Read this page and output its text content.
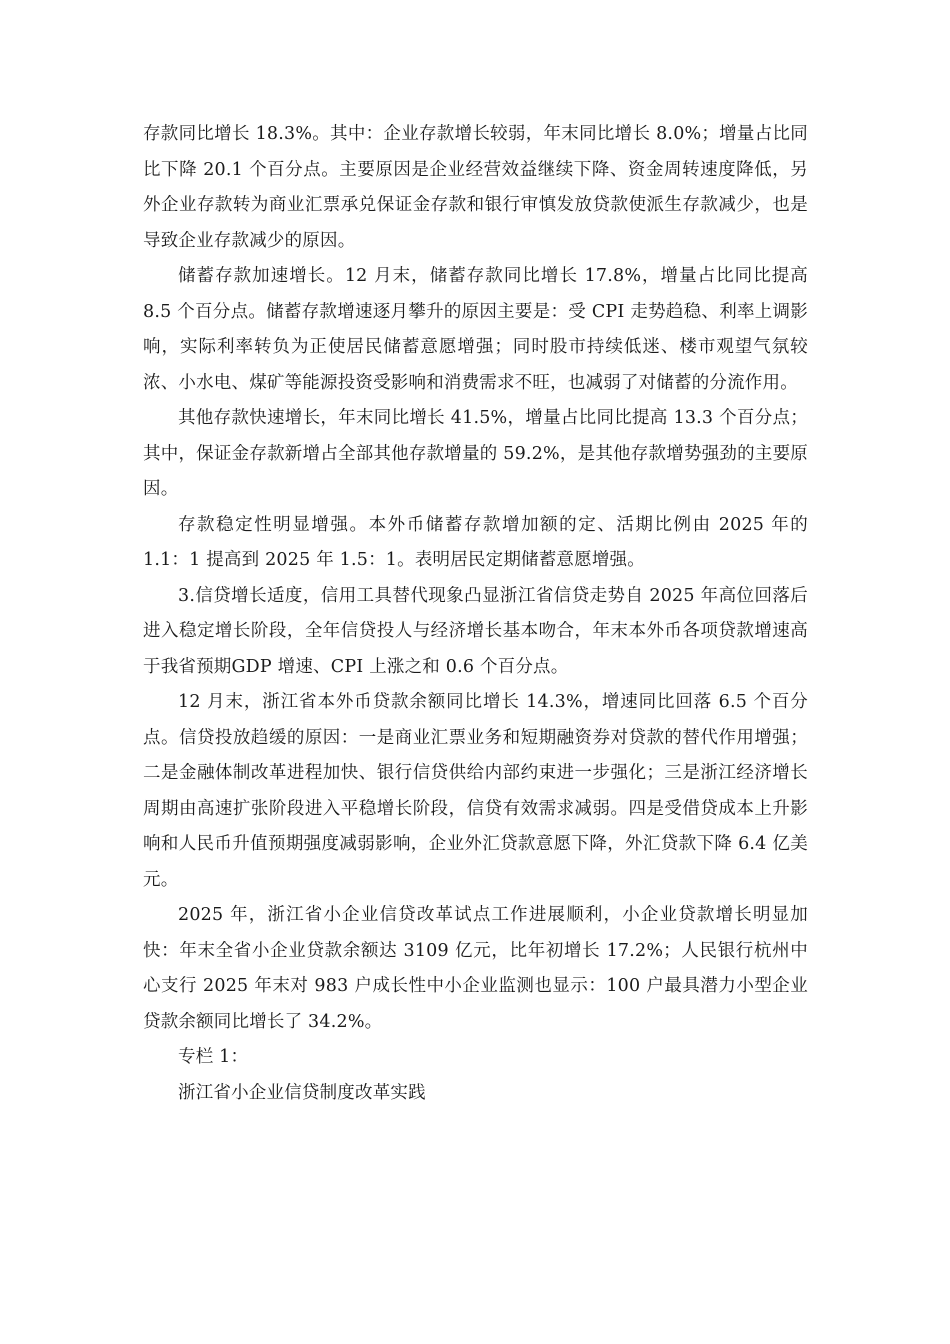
存款同比增长 18.3%。其中：企业存款增长较弱，年末同比增长 8.0%；增量占比同比下降 20.1 个百分点。主要原因是企业经营效益继续下降、资金周转速度降低，另外企业存款转为商业汇票承兑保证金存款和银行审慎发放贷款使派生存款减少，也是导致企业存款减少的原因。

储蓄存款加速增长。12 月末，储蓄存款同比增长 17.8%，增量占比同比提高 8.5 个百分点。储蓄存款增速逐月攀升的原因主要是：受 CPI 走势趋稳、利率上调影响，实际利率转负为正使居民储蓄意愿增强；同时股市持续低迷、楼市观望气氛较浓、小水电、煤矿等能源投资受影响和消费需求不旺，也减弱了对储蓄的分流作用。

其他存款快速增长，年末同比增长 41.5%，增量占比同比提高 13.3 个百分点；其中，保证金存款新增占全部其他存款增量的 59.2%，是其他存款增势强劲的主要原因。

存款稳定性明显增强。本外币储蓄存款增加额的定、活期比例由 2025 年的 1.1：1 提高到 2025 年 1.5：1。表明居民定期储蓄意愿增强。

3.信贷增长适度，信用工具替代现象凸显浙江省信贷走势自 2025 年高位回落后进入稳定增长阶段，全年信贷投人与经济增长基本吻合，年末本外币各项贷款增速高于我省预期GDP 增速、CPI 上涨之和 0.6 个百分点。

12 月末，浙江省本外币贷款余额同比增长 14.3%，增速同比回落 6.5 个百分点。信贷投放趋缓的原因：一是商业汇票业务和短期融资券对贷款的替代作用增强；二是金融体制改革进程加快、银行信贷供给内部约束进一步强化；三是浙江经济增长周期由高速扩张阶段进入平稳增长阶段，信贷有效需求减弱。四是受借贷成本上升影响和人民币升值预期强度减弱影响，企业外汇贷款意愿下降，外汇贷款下降 6.4 亿美元。

2025 年，浙江省小企业信贷改革试点工作进展顺利，小企业贷款增长明显加快：年末全省小企业贷款余额达 3109 亿元，比年初增长 17.2%；人民银行杭州中心支行 2025 年末对 983 户成长性中小企业监测也显示：100 户最具潜力小型企业贷款余额同比增长了 34.2%。

专栏 1：

浙江省小企业信贷制度改革实践
